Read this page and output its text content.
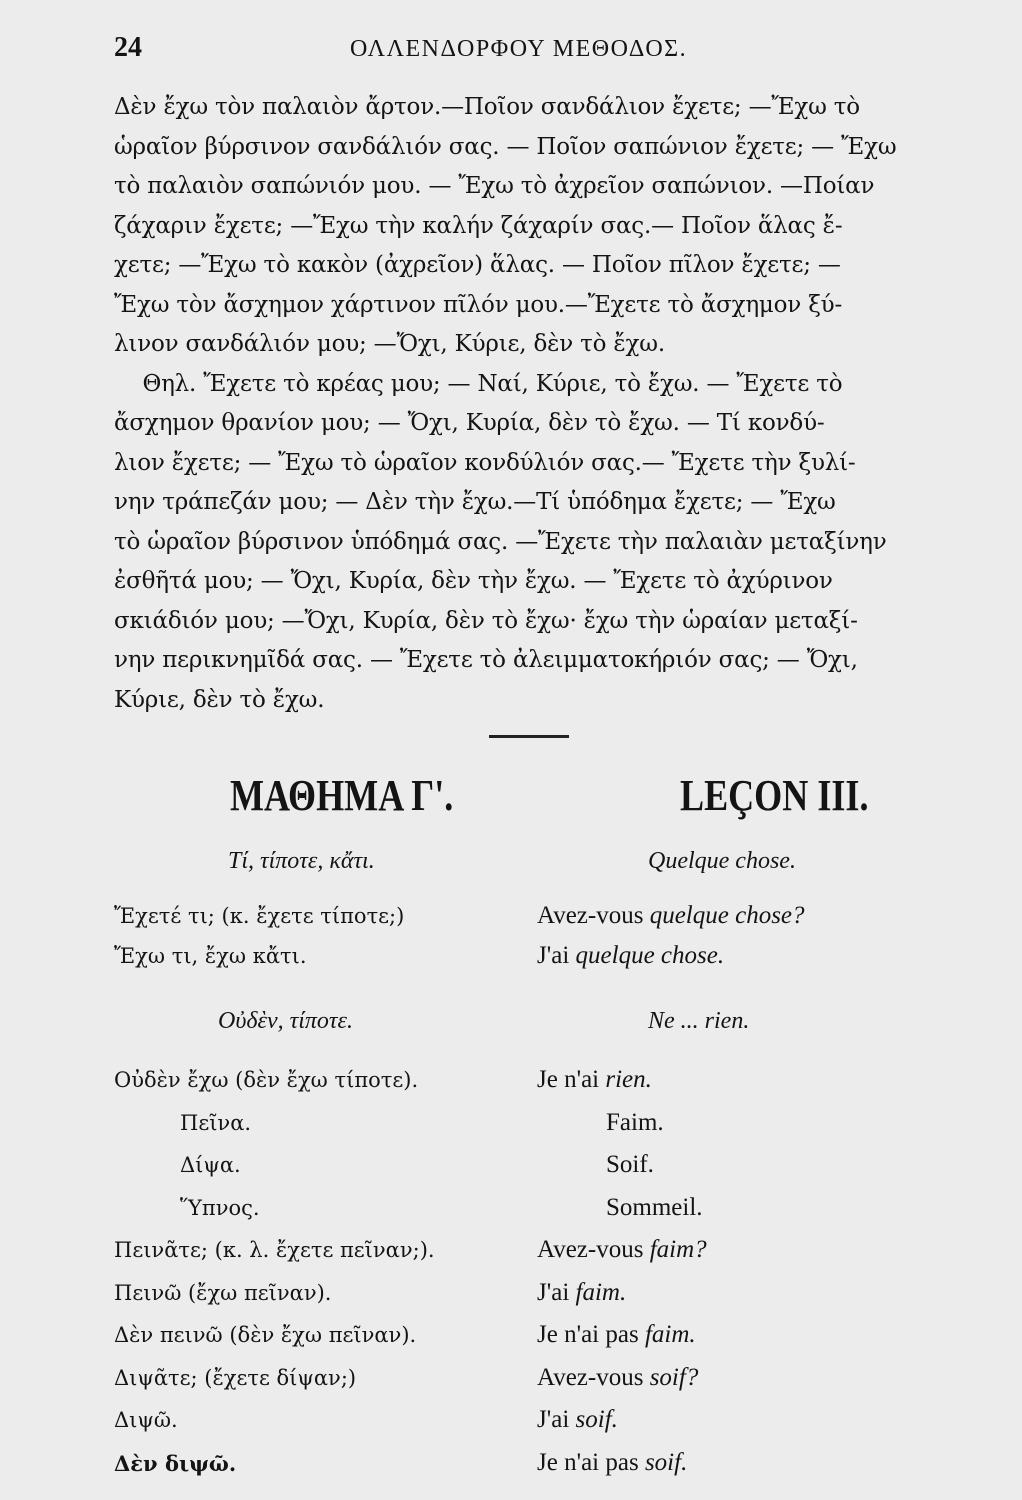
24	ΟΛΛΕΝΔΟΡΦΟΥ ΜΕΘΟΔΟΣ.
Δὲν ἔχω τὸν παλαιὸν ἄρτον.—Ποῖον σανδάλιον ἔχετε; —Ἔχω τὸ
ὡραῖον βύρσινον σανδάλιόν σας. — Ποῖον σαπώνιον ἔχετε; — Ἔχω
τὸ παλαιὸν σαπώνιόν μου. — Ἔχω τὸ ἀχρεῖον σαπώνιον. —Ποίαν
ζάχαριν ἔχετε; —Ἔχω τὴν καλήν ζάχαρίν σας.— Ποῖον ἅλας ἔ-
χετε; —Ἔχω τὸ κακὸν (ἀχρεῖον) ἅλας. — Ποῖον πῖλον ἔχετε; —
Ἔχω τὸν ἄσχημον χάρτινον πῖλόν μου.—Ἔχετε τὸ ἄσχημον ξύ-
λινον σανδάλιόν μου; —Ὄχι, Κύριε, δὲν τὸ ἔχω.
Θηλ. Ἔχετε τὸ κρέας μου; — Ναί, Κύριε, τὸ ἔχω. — Ἔχετε τὸ
ἄσχημον θρανίον μου; — Ὄχι, Κυρία, δὲν τὸ ἔχω. — Τί κονδύ-
λιον ἔχετε; — Ἔχω τὸ ὡραῖον κονδύλιόν σας.— Ἔχετε τὴν ξυλί-
νην τράπεζάν μου; — Δὲν τὴν ἔχω.—Τί ὑπόδημα ἔχετε; — Ἔχω
τὸ ὡραῖον βύρσινον ὑπόδημά σας. —Ἔχετε τὴν παλαιὰν μεταξίνην
ἐσθῆτά μου; — Ὄχι, Κυρία, δὲν τὴν ἔχω. — Ἔχετε τὸ ἀχύρινον
σκιάδιόν μου; —Ὄχι, Κυρία, δὲν τὸ ἔχω· ἔχω τὴν ὡραίαν μεταξί-
νην περικνημῖδά σας. — Ἔχετε τὸ ἀλειμματοκήριόν σας; — Ὄχι,
Κύριε, δὲν τὸ ἔχω.
ΜΑΘΗΜΑ Γ'.	LEÇON III.
Τί, τίποτε, κἄτι.	Quelque chose.
Ἔχετέ τι; (κ. ἔχετε τίποτε;)	Avez-vous quelque chose?
Ἔχω τι, ἔχω κἄτι.	J'ai quelque chose.
Οὐδὲν, τίποτε.	Ne ... rien.
Οὐδὲν ἔχω (δὲν ἔχω τίποτε).	Je n'ai rien.
Πεῖνα.	Faim.
Δίψα.	Soif.
Ὕπνος.	Sommeil.
Πεινᾶτε; (κ. λ. ἔχετε πεῖναν;).	Avez-vous faim?
Πεινῶ (ἔχω πεῖναν).	J'ai faim.
Δὲν πεινῶ (δὲν ἔχω πεῖναν).	Je n'ai pas faim.
Διψᾶτε; (ἔχετε δίψαν;)	Avez-vous soif?
Διψῶ.	J'ai soif.
Δὲν διψῶ.	Je n'ai pas soif.
